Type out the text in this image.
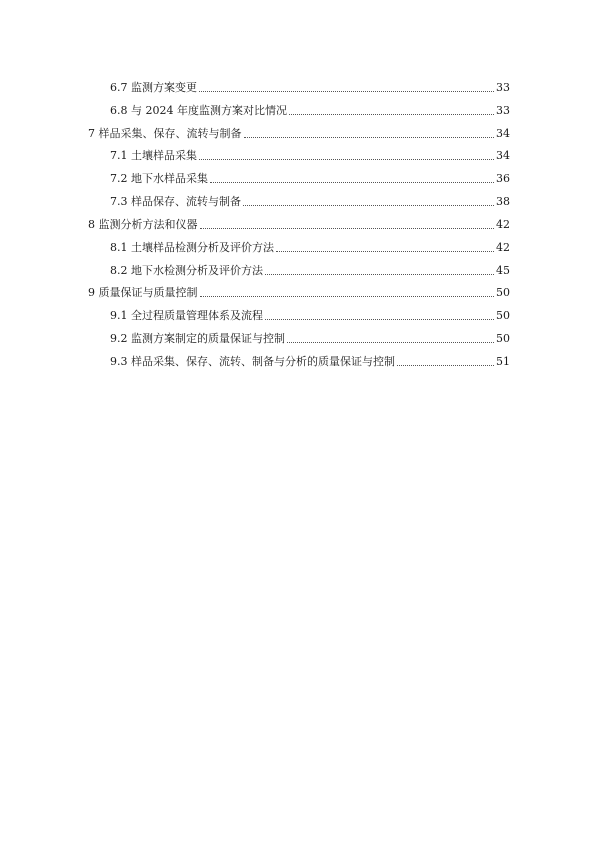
6.7 监测方案变更	33
6.8 与 2024 年度监测方案对比情况	33
7 样品采集、保存、流转与制备	34
7.1 土壤样品采集	34
7.2 地下水样品采集	36
7.3 样品保存、流转与制备	38
8 监测分析方法和仪器	42
8.1 土壤样品检测分析及评价方法	42
8.2 地下水检测分析及评价方法	45
9 质量保证与质量控制	50
9.1 全过程质量管理体系及流程	50
9.2 监测方案制定的质量保证与控制	50
9.3 样品采集、保存、流转、制备与分析的质量保证与控制	51
